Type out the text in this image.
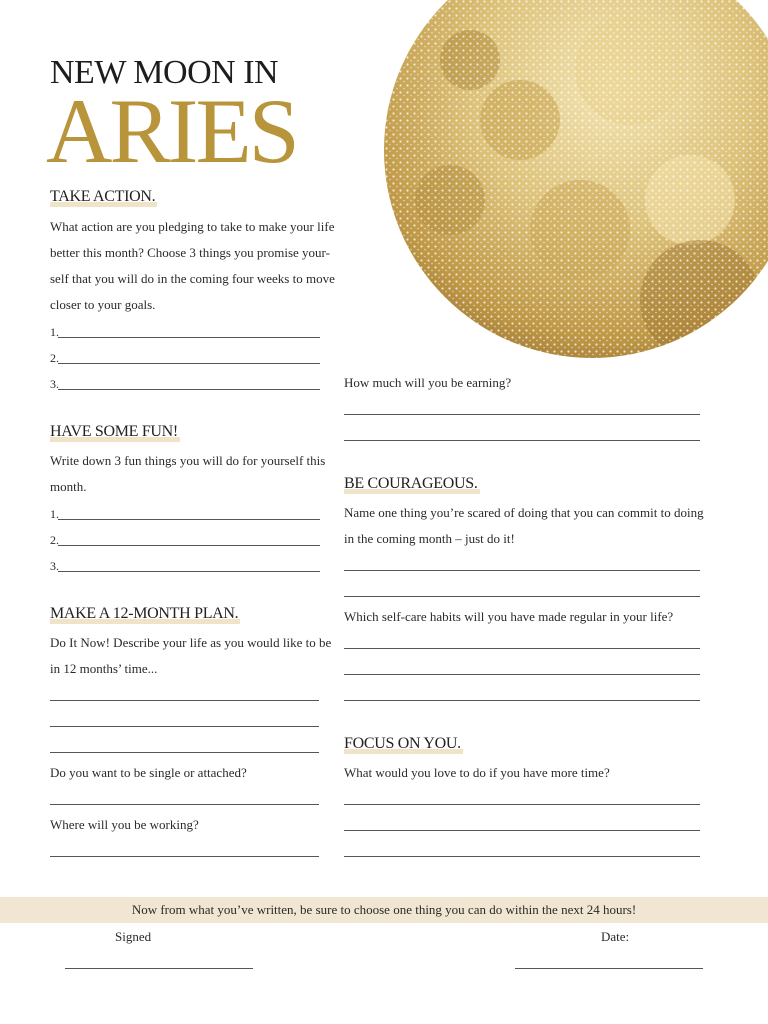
NEW MOON IN
ARIES
TAKE ACTION.

What action are you pledging to take to make your life

better this month? Choose 3 things you promise your-

self that you will do in the coming four weeks to move

closer to your goals.

1.
2.
3.
HAVE SOME FUN!

Write down 3 fun things you will do for yourself this

month.

1.
2.
3.
MAKE A 12-MONTH PLAN.

Do It Now! Describe your life as you would like to be

in 12 months’ time...

Do you want to be single or attached?

Where will you be working?

How much will you be earning?

BE COURAGEOUS.

Name one thing you’re scared of doing that you can commit to doing

in the coming month – just do it!

Which self-care habits will you have made regular in your life?

FOCUS ON YOU.

What would you love to do if you have more time?

Now from what you’ve written, be sure to choose one thing you can do within the next 24 hours!
Signed	Date:
